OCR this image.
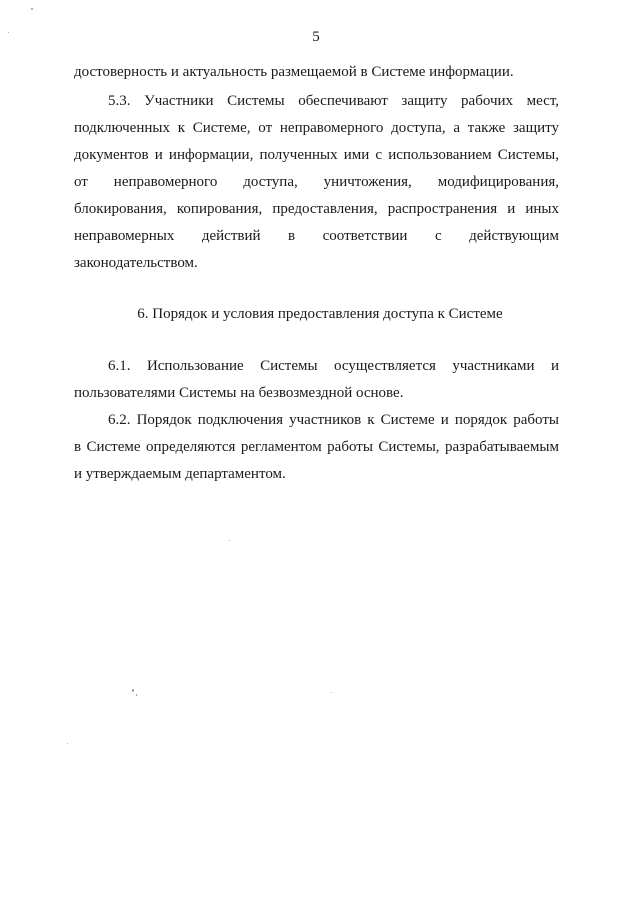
5
достоверность и актуальность размещаемой в Системе информации.
5.3. Участники Системы обеспечивают защиту рабочих мест,
подключенных к Системе, от неправомерного доступа, а также защиту
документов и информации, полученных ими с использованием Системы,
от неправомерного доступа, уничтожения, модифицирования,
блокирования, копирования, предоставления, распространения и иных
неправомерных действий в соответствии с действующим
законодательством.
6. Порядок и условия предоставления доступа к Системе
6.1. Использование Системы осуществляется участниками и
пользователями Системы на безвозмездной основе.
6.2. Порядок подключения участников к Системе и порядок работы
в Системе определяются регламентом работы Системы, разрабатываемым
и утверждаемым департаментом.
